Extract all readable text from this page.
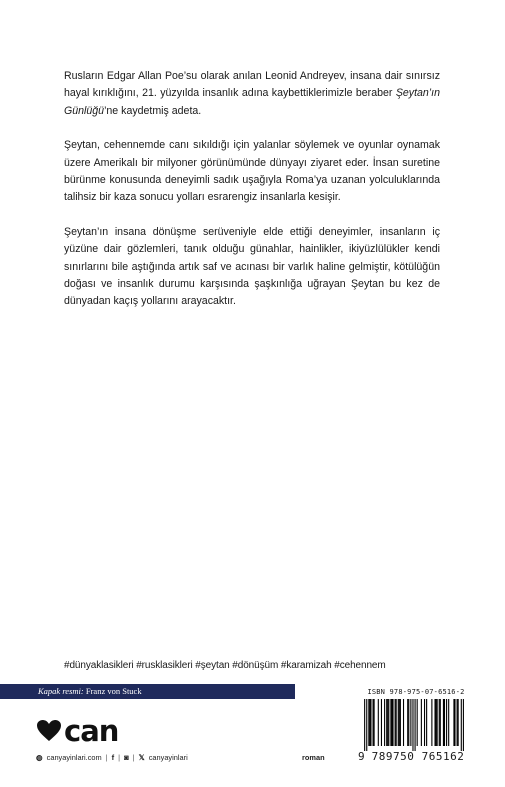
Rusların Edgar Allan Poe’su olarak anılan Leonid Andreyev, insana dair sınırsız hayal kırıklığını, 21. yüzyılda insanlık adına kaybettiklerimizle beraber Şeytan’ın Günlüğü’ne kaydetmiş adeta.

Şeytan, cehennemde canı sıkıldığı için yalanlar söylemek ve oyunlar oynamak üzere Amerikalı bir milyoner görünümünde dünyayı ziyaret eder. İnsan suretine bürünme konusunda deneyimli sadık uşağıyla Roma’ya uzanan yolculuklarında talihsiz bir kaza sonucu yolları esrarengiz insanlarla kesişir.

Şeytan’ın insana dönüşme serüveniyle elde ettiği deneyimler, insanların iç yüzüne dair gözlemleri, tanık olduğu günahlar, hainlikler, ikiyüzlülükler kendi sınırlarını bile aştığında artık saf ve acınası bir varlık haline gelmiştir, kötülüğün doğası ve insanlık durumu karşısında şaşkınlığa uğrayan Şeytan bu kez de dünyadan kaçış yollarını arayacaktır.

#dünyaklasikleri #rusklasikleri #şeytan #dönüşüm #karamizah #cehennem
Kapak resmi: Franz von Stuck
can
◍ canyayinlari.com | f | ◙ | 𝕏 canyayinlari	roman
ISBN 978-975-07-6516-2
9 789750 765162
